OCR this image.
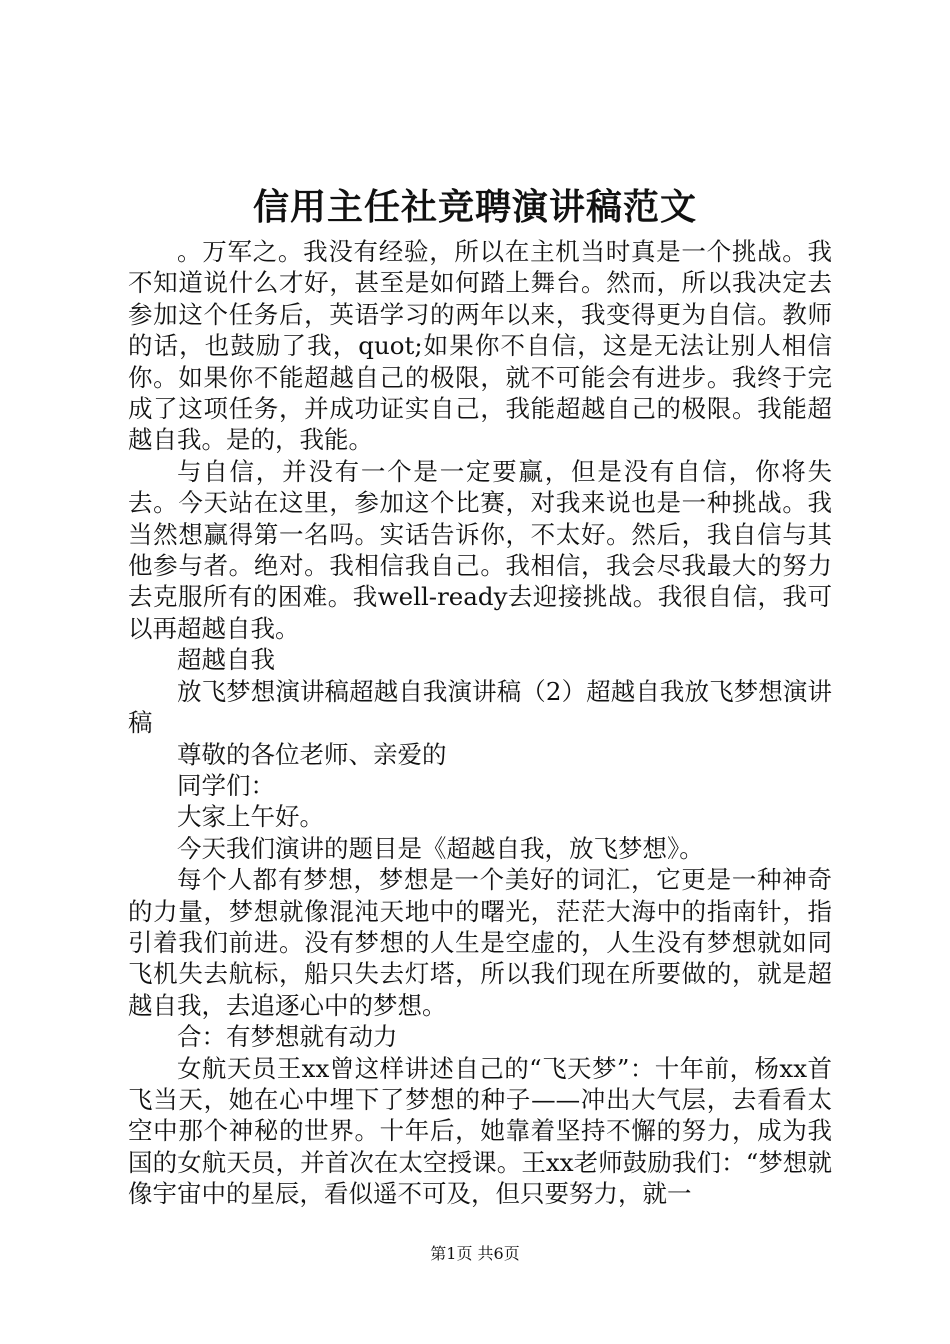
信用主任社竞聘演讲稿范文

。万军之。我没有经验，所以在主机当时真是一个挑战。我不知道说什么才好，甚至是如何踏上舞台。然而，所以我决定去参加这个任务后，英语学习的两年以来，我变得更为自信。教师的话，也鼓励了我，quot;如果你不自信，这是无法让别人相信你。如果你不能超越自己的极限，就不可能会有进步。我终于完成了这项任务，并成功证实自己，我能超越自己的极限。我能超越自我。是的，我能。

与自信，并没有一个是一定要赢，但是没有自信，你将失去。今天站在这里，参加这个比赛，对我来说也是一种挑战。我当然想赢得第一名吗。实话告诉你，不太好。然后，我自信与其他参与者。绝对。我相信我自己。我相信，我会尽我最大的努力去克服所有的困难。我well-ready去迎接挑战。我很自信，我可以再超越自我。

超越自我

放飞梦想演讲稿超越自我演讲稿（2）超越自我放飞梦想演讲稿

尊敬的各位老师、亲爱的

同学们：

大家上午好。

今天我们演讲的题目是《超越自我，放飞梦想》。

每个人都有梦想，梦想是一个美好的词汇，它更是一种神奇的力量，梦想就像混沌天地中的曙光，茫茫大海中的指南针，指引着我们前进。没有梦想的人生是空虚的，人生没有梦想就如同飞机失去航标，船只失去灯塔，所以我们现在所要做的，就是超越自我，去追逐心中的梦想。

合：有梦想就有动力

女航天员王xx曾这样讲述自己的“飞天梦”：十年前，杨xx首飞当天，她在心中埋下了梦想的种子——冲出大气层，去看看太空中那个神秘的世界。十年后，她靠着坚持不懈的努力，成为我国的女航天员，并首次在太空授课。王xx老师鼓励我们：“梦想就像宇宙中的星辰，看似遥不可及，但只要努力，就一

第1页 共6页
